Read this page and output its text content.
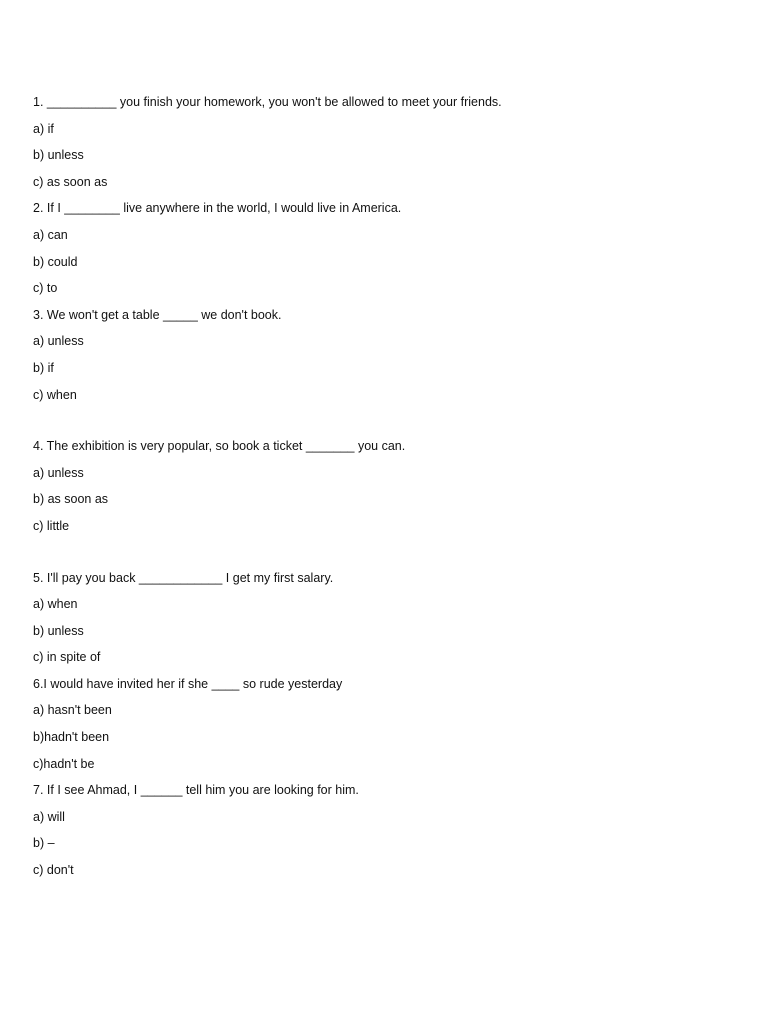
1. __________ you finish your homework, you won't be allowed to meet your friends.
a) if
b) unless
c) as soon as
2. If I ________ live anywhere in the world, I would live in America.
a) can
b) could
c) to
3. We won't get a table _____ we don't book.
a) unless
b) if
c) when
4. The exhibition is very popular, so book a ticket _______ you can.
a) unless
b) as soon as
c) little
5. I'll pay you back ____________ I get my first salary.
a) when
b) unless
c) in spite of
6.I would have invited her if she ____ so rude yesterday
a) hasn't been
b)hadn't been
c)hadn't be
7. If I see Ahmad, I ______ tell him you are looking for him.
a) will
b) –
c) don't
